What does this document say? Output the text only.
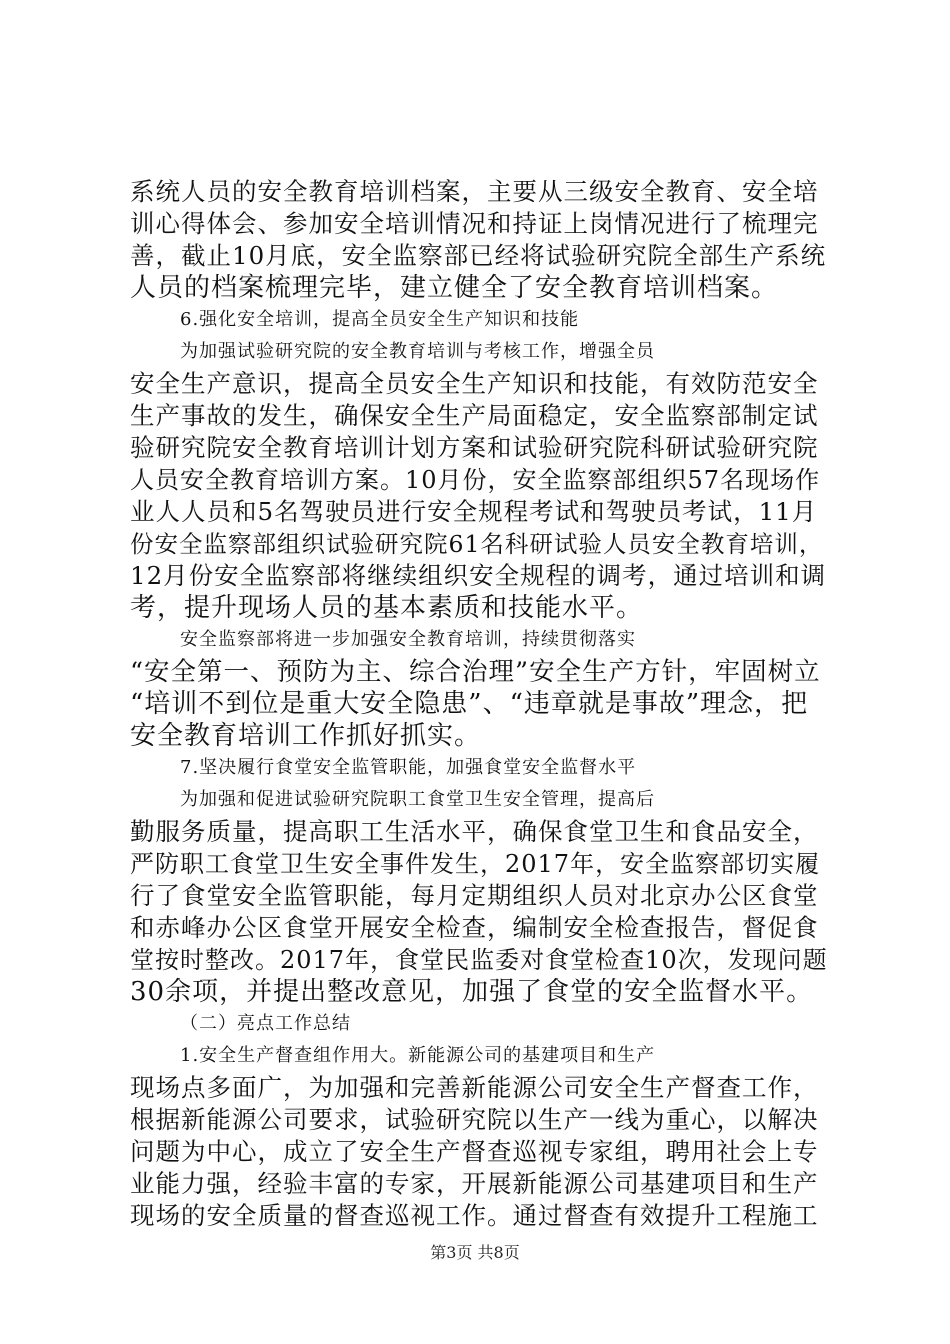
系统人员的安全教育培训档案，主要从三级安全教育、安全培
训心得体会、参加安全培训情况和持证上岗情况进行了梳理完
善，截止10月底，安全监察部已经将试验研究院全部生产系统
人员的档案梳理完毕，建立健全了安全教育培训档案。
6.强化安全培训，提高全员安全生产知识和技能
为加强试验研究院的安全教育培训与考核工作，增强全员
安全生产意识，提高全员安全生产知识和技能，有效防范安全
生产事故的发生，确保安全生产局面稳定，安全监察部制定试
验研究院安全教育培训计划方案和试验研究院科研试验研究院
人员安全教育培训方案。10月份，安全监察部组织57名现场作
业人人员和5名驾驶员进行安全规程考试和驾驶员考试，11月
份安全监察部组织试验研究院61名科研试验人员安全教育培训，
12月份安全监察部将继续组织安全规程的调考，通过培训和调
考，提升现场人员的基本素质和技能水平。
安全监察部将进一步加强安全教育培训，持续贯彻落实
“安全第一、预防为主、综合治理”安全生产方针，牢固树立
“培训不到位是重大安全隐患”、“违章就是事故”理念，把
安全教育培训工作抓好抓实。
7.坚决履行食堂安全监管职能，加强食堂安全监督水平
为加强和促进试验研究院职工食堂卫生安全管理，提高后
勤服务质量，提高职工生活水平，确保食堂卫生和食品安全，
严防职工食堂卫生安全事件发生，2017年，安全监察部切实履
行了食堂安全监管职能，每月定期组织人员对北京办公区食堂
和赤峰办公区食堂开展安全检查，编制安全检查报告，督促食
堂按时整改。2017年，食堂民监委对食堂检查10次，发现问题
30余项，并提出整改意见，加强了食堂的安全监督水平。
（二）亮点工作总结
1.安全生产督查组作用大。新能源公司的基建项目和生产
现场点多面广，为加强和完善新能源公司安全生产督查工作，
根据新能源公司要求，试验研究院以生产一线为重心，以解决
问题为中心，成立了安全生产督查巡视专家组，聘用社会上专
业能力强，经验丰富的专家，开展新能源公司基建项目和生产
现场的安全质量的督查巡视工作。通过督查有效提升工程施工
第3页 共8页
